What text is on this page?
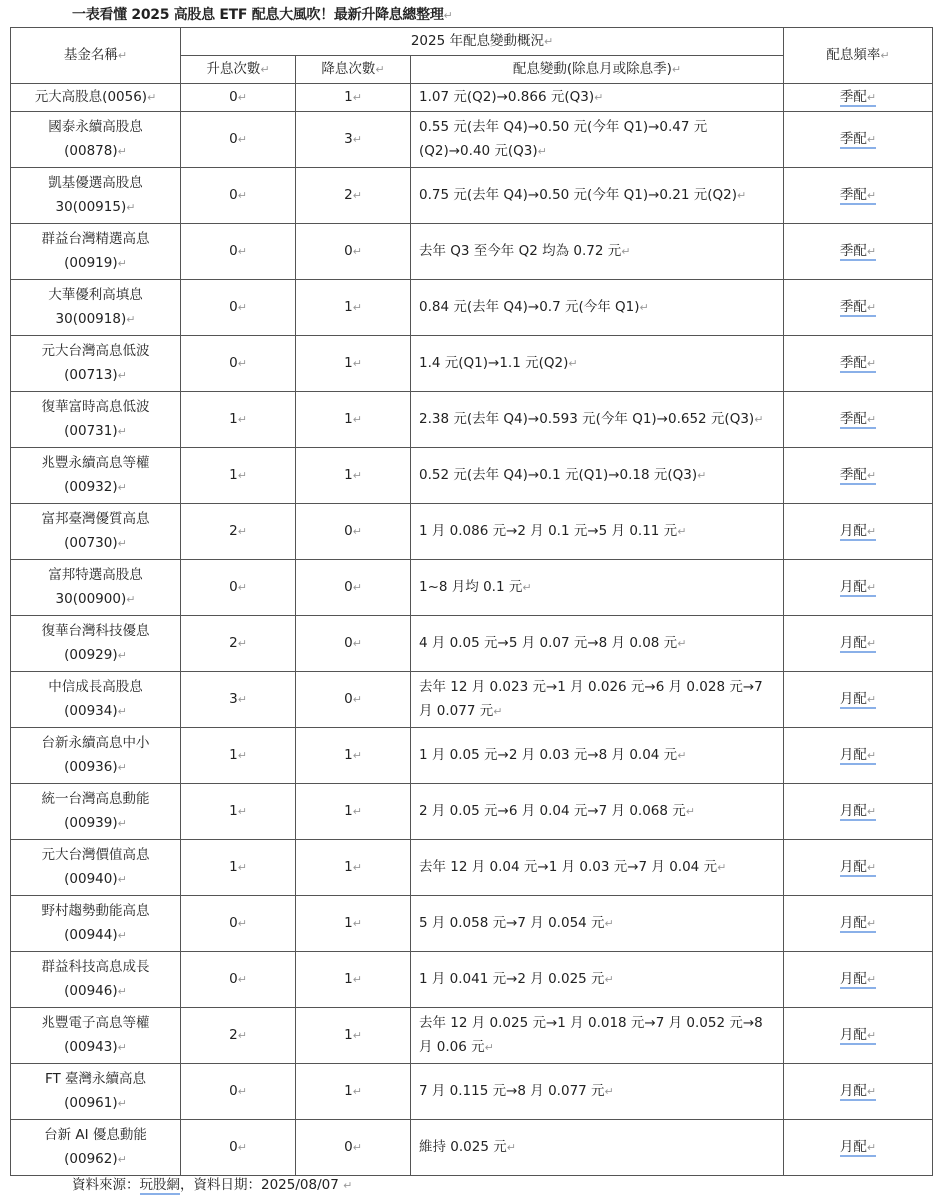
一表看懂 2025 高股息 ETF 配息大風吹！最新升降息總整理 ↵
基金名稱 ↵	2025 年配息變動概況 ↵			配息頻率 ↵
	升息次數 ↵	降息次數 ↵	配息變動(除息月或除息季) ↵
元大高股息(0056) ↵	0 ↵	1 ↵	1.07 元(Q2)→0.866 元(Q3) ↵	季配 ↵
國泰永續高股息(00878) ↵	0 ↵	3 ↵	0.55 元(去年 Q4)→0.50 元(今年 Q1)→0.47 元(Q2)→0.40 元(Q3) ↵	季配 ↵
凱基優選高股息30(00915) ↵	0 ↵	2 ↵	0.75 元(去年 Q4)→0.50 元(今年 Q1)→0.21 元(Q2) ↵	季配 ↵
群益台灣精選高息(00919) ↵	0 ↵	0 ↵	去年 Q3 至今年 Q2 均為 0.72 元 ↵	季配 ↵
大華優利高填息30(00918) ↵	0 ↵	1 ↵	0.84 元(去年 Q4)→0.7 元(今年 Q1) ↵	季配 ↵
元大台灣高息低波(00713) ↵	0 ↵	1 ↵	1.4 元(Q1)→1.1 元(Q2) ↵	季配 ↵
復華富時高息低波(00731) ↵	1 ↵	1 ↵	2.38 元(去年 Q4)→0.593 元(今年 Q1)→0.652 元(Q3) ↵	季配 ↵
兆豐永續高息等權(00932) ↵	1 ↵	1 ↵	0.52 元(去年 Q4)→0.1 元(Q1)→0.18 元(Q3) ↵	季配 ↵
富邦臺灣優質高息(00730) ↵	2 ↵	0 ↵	1 月 0.086 元→2 月 0.1 元→5 月 0.11 元 ↵	月配 ↵
富邦特選高股息30(00900) ↵	0 ↵	0 ↵	1~8 月均 0.1 元 ↵	月配 ↵
復華台灣科技優息(00929) ↵	2 ↵	0 ↵	4 月 0.05 元→5 月 0.07 元→8 月 0.08 元 ↵	月配 ↵
中信成長高股息(00934) ↵	3 ↵	0 ↵	去年 12 月 0.023 元→1 月 0.026 元→6 月 0.028 元→7 月 0.077 元 ↵	月配 ↵
台新永續高息中小(00936) ↵	1 ↵	1 ↵	1 月 0.05 元→2 月 0.03 元→8 月 0.04 元 ↵	月配 ↵
統一台灣高息動能(00939) ↵	1 ↵	1 ↵	2 月 0.05 元→6 月 0.04 元→7 月 0.068 元 ↵	月配 ↵
元大台灣價值高息(00940) ↵	1 ↵	1 ↵	去年 12 月 0.04 元→1 月 0.03 元→7 月 0.04 元 ↵	月配 ↵
野村趨勢動能高息(00944) ↵	0 ↵	1 ↵	5 月 0.058 元→7 月 0.054 元 ↵	月配 ↵
群益科技高息成長(00946) ↵	0 ↵	1 ↵	1 月 0.041 元→2 月 0.025 元 ↵	月配 ↵
兆豐電子高息等權(00943) ↵	2 ↵	1 ↵	去年 12 月 0.025 元→1 月 0.018 元→7 月 0.052 元→8 月 0.06 元 ↵	月配 ↵
FT 臺灣永續高息(00961) ↵	0 ↵	1 ↵	7 月 0.115 元→8 月 0.077 元 ↵	月配 ↵
台新 AI 優息動能(00962) ↵	0 ↵	0 ↵	維持 0.025 元 ↵	月配 ↵
資料來源：玩股網，資料日期：2025/08/07 ↵
